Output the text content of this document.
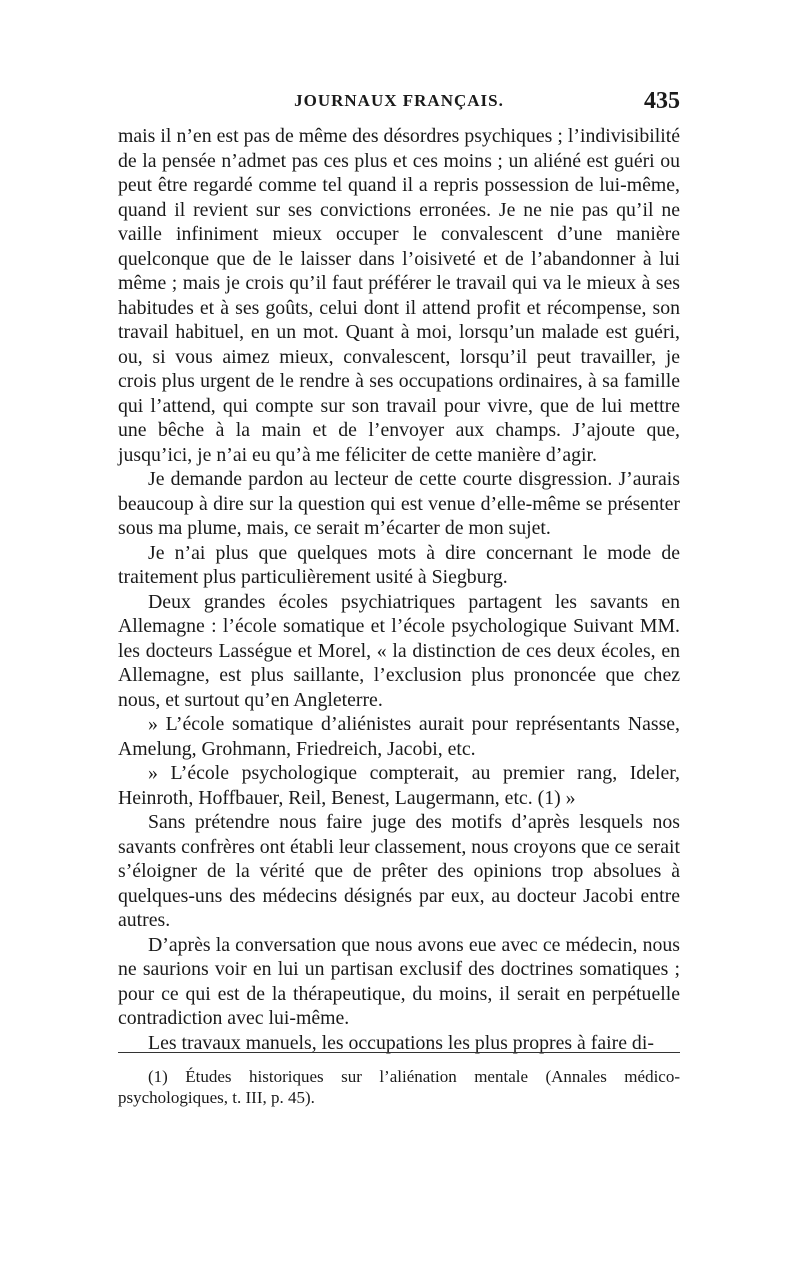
JOURNAUX FRANÇAIS.	435

mais il n’en est pas de même des désordres psychiques ; l’indivisibilité de la pensée n’admet pas ces plus et ces moins ; un aliéné est guéri ou peut être regardé comme tel quand il a repris possession de lui-même, quand il revient sur ses convictions erronées. Je ne nie pas qu’il ne vaille infiniment mieux occuper le convalescent d’une manière quelconque que de le laisser dans l’oisiveté et de l’abandonner à lui même ; mais je crois qu’il faut préférer le travail qui va le mieux à ses habitudes et à ses goûts, celui dont il attend profit et récompense, son travail habituel, en un mot. Quant à moi, lorsqu’un malade est guéri, ou, si vous aimez mieux, convalescent, lorsqu’il peut travailler, je crois plus urgent de le rendre à ses occupations ordinaires, à sa famille qui l’attend, qui compte sur son travail pour vivre, que de lui mettre une bêche à la main et de l’envoyer aux champs. J’ajoute que, jusqu’ici, je n’ai eu qu’à me féliciter de cette manière d’agir.

Je demande pardon au lecteur de cette courte disgression. J’aurais beaucoup à dire sur la question qui est venue d’elle-même se présenter sous ma plume, mais, ce serait m’écarter de mon sujet.

Je n’ai plus que quelques mots à dire concernant le mode de traitement plus particulièrement usité à Siegburg.

Deux grandes écoles psychiatriques partagent les savants en Allemagne : l’école somatique et l’école psychologique Suivant MM. les docteurs Lasségue et Morel, « la distinction de ces deux écoles, en Allemagne, est plus saillante, l’exclusion plus prononcée que chez nous, et surtout qu’en Angleterre.

» L’école somatique d’aliénistes aurait pour représentants Nasse, Amelung, Grohmann, Friedreich, Jacobi, etc.

» L’école psychologique compterait, au premier rang, Ideler, Heinroth, Hoffbauer, Reil, Benest, Laugermann, etc. (1) »

Sans prétendre nous faire juge des motifs d’après lesquels nos savants confrères ont établi leur classement, nous croyons que ce serait s’éloigner de la vérité que de prêter des opinions trop absolues à quelques-uns des médecins désignés par eux, au docteur Jacobi entre autres.

D’après la conversation que nous avons eue avec ce médecin, nous ne saurions voir en lui un partisan exclusif des doctrines somatiques ; pour ce qui est de la thérapeutique, du moins, il serait en perpétuelle contradiction avec lui-même.

Les travaux manuels, les occupations les plus propres à faire di-

(1) Études historiques sur l’aliénation mentale (Annales médico-psychologiques, t. III, p. 45).
